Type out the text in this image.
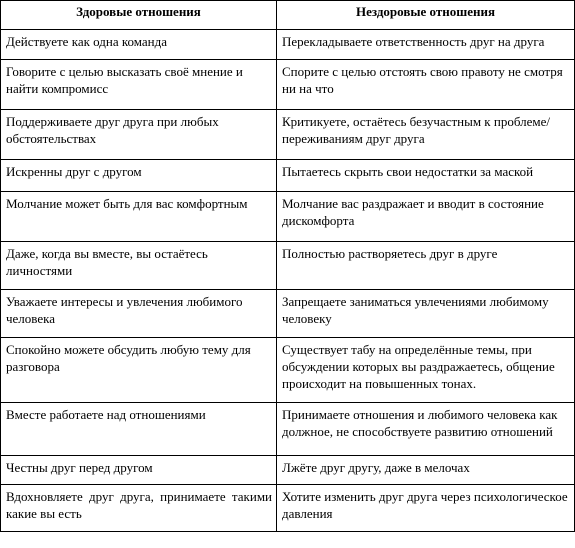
Здоровые отношения	Нездоровые отношения
Действуете как одна команда	Перекладываете ответственность друг на друга
Говорите с целью высказать своё мнение и найти компромисс	Спорите с целью отстоять свою правоту не смотря ни на что
Поддерживаете друг друга при любых обстоятельствах	Критикуете, остаётесь безучастным к проблеме/переживаниям друг друга
Искренны друг с другом	Пытаетесь скрыть свои недостатки за маской
Молчание может быть для вас комфортным	Молчание вас раздражает и вводит в состояние дискомфорта
Даже, когда вы вместе, вы остаётесь личностями	Полностью растворяетесь друг в друге
Уважаете интересы и увлечения любимого человека	Запрещаете заниматься увлечениями любимому человеку
Спокойно можете обсудить любую тему для разговора	Существует табу на определённые темы, при обсуждении которых вы раздражаетесь, общение происходит на повышенных тонах.
Вместе работаете над отношениями	Принимаете отношения и любимого человека как должное, не способствуете развитию отношений
Честны друг перед другом	Лжёте друг другу, даже в мелочах
Вдохновляете друг друга, принимаете такими какие вы есть	Хотите изменить друг друга через психологическое давления
